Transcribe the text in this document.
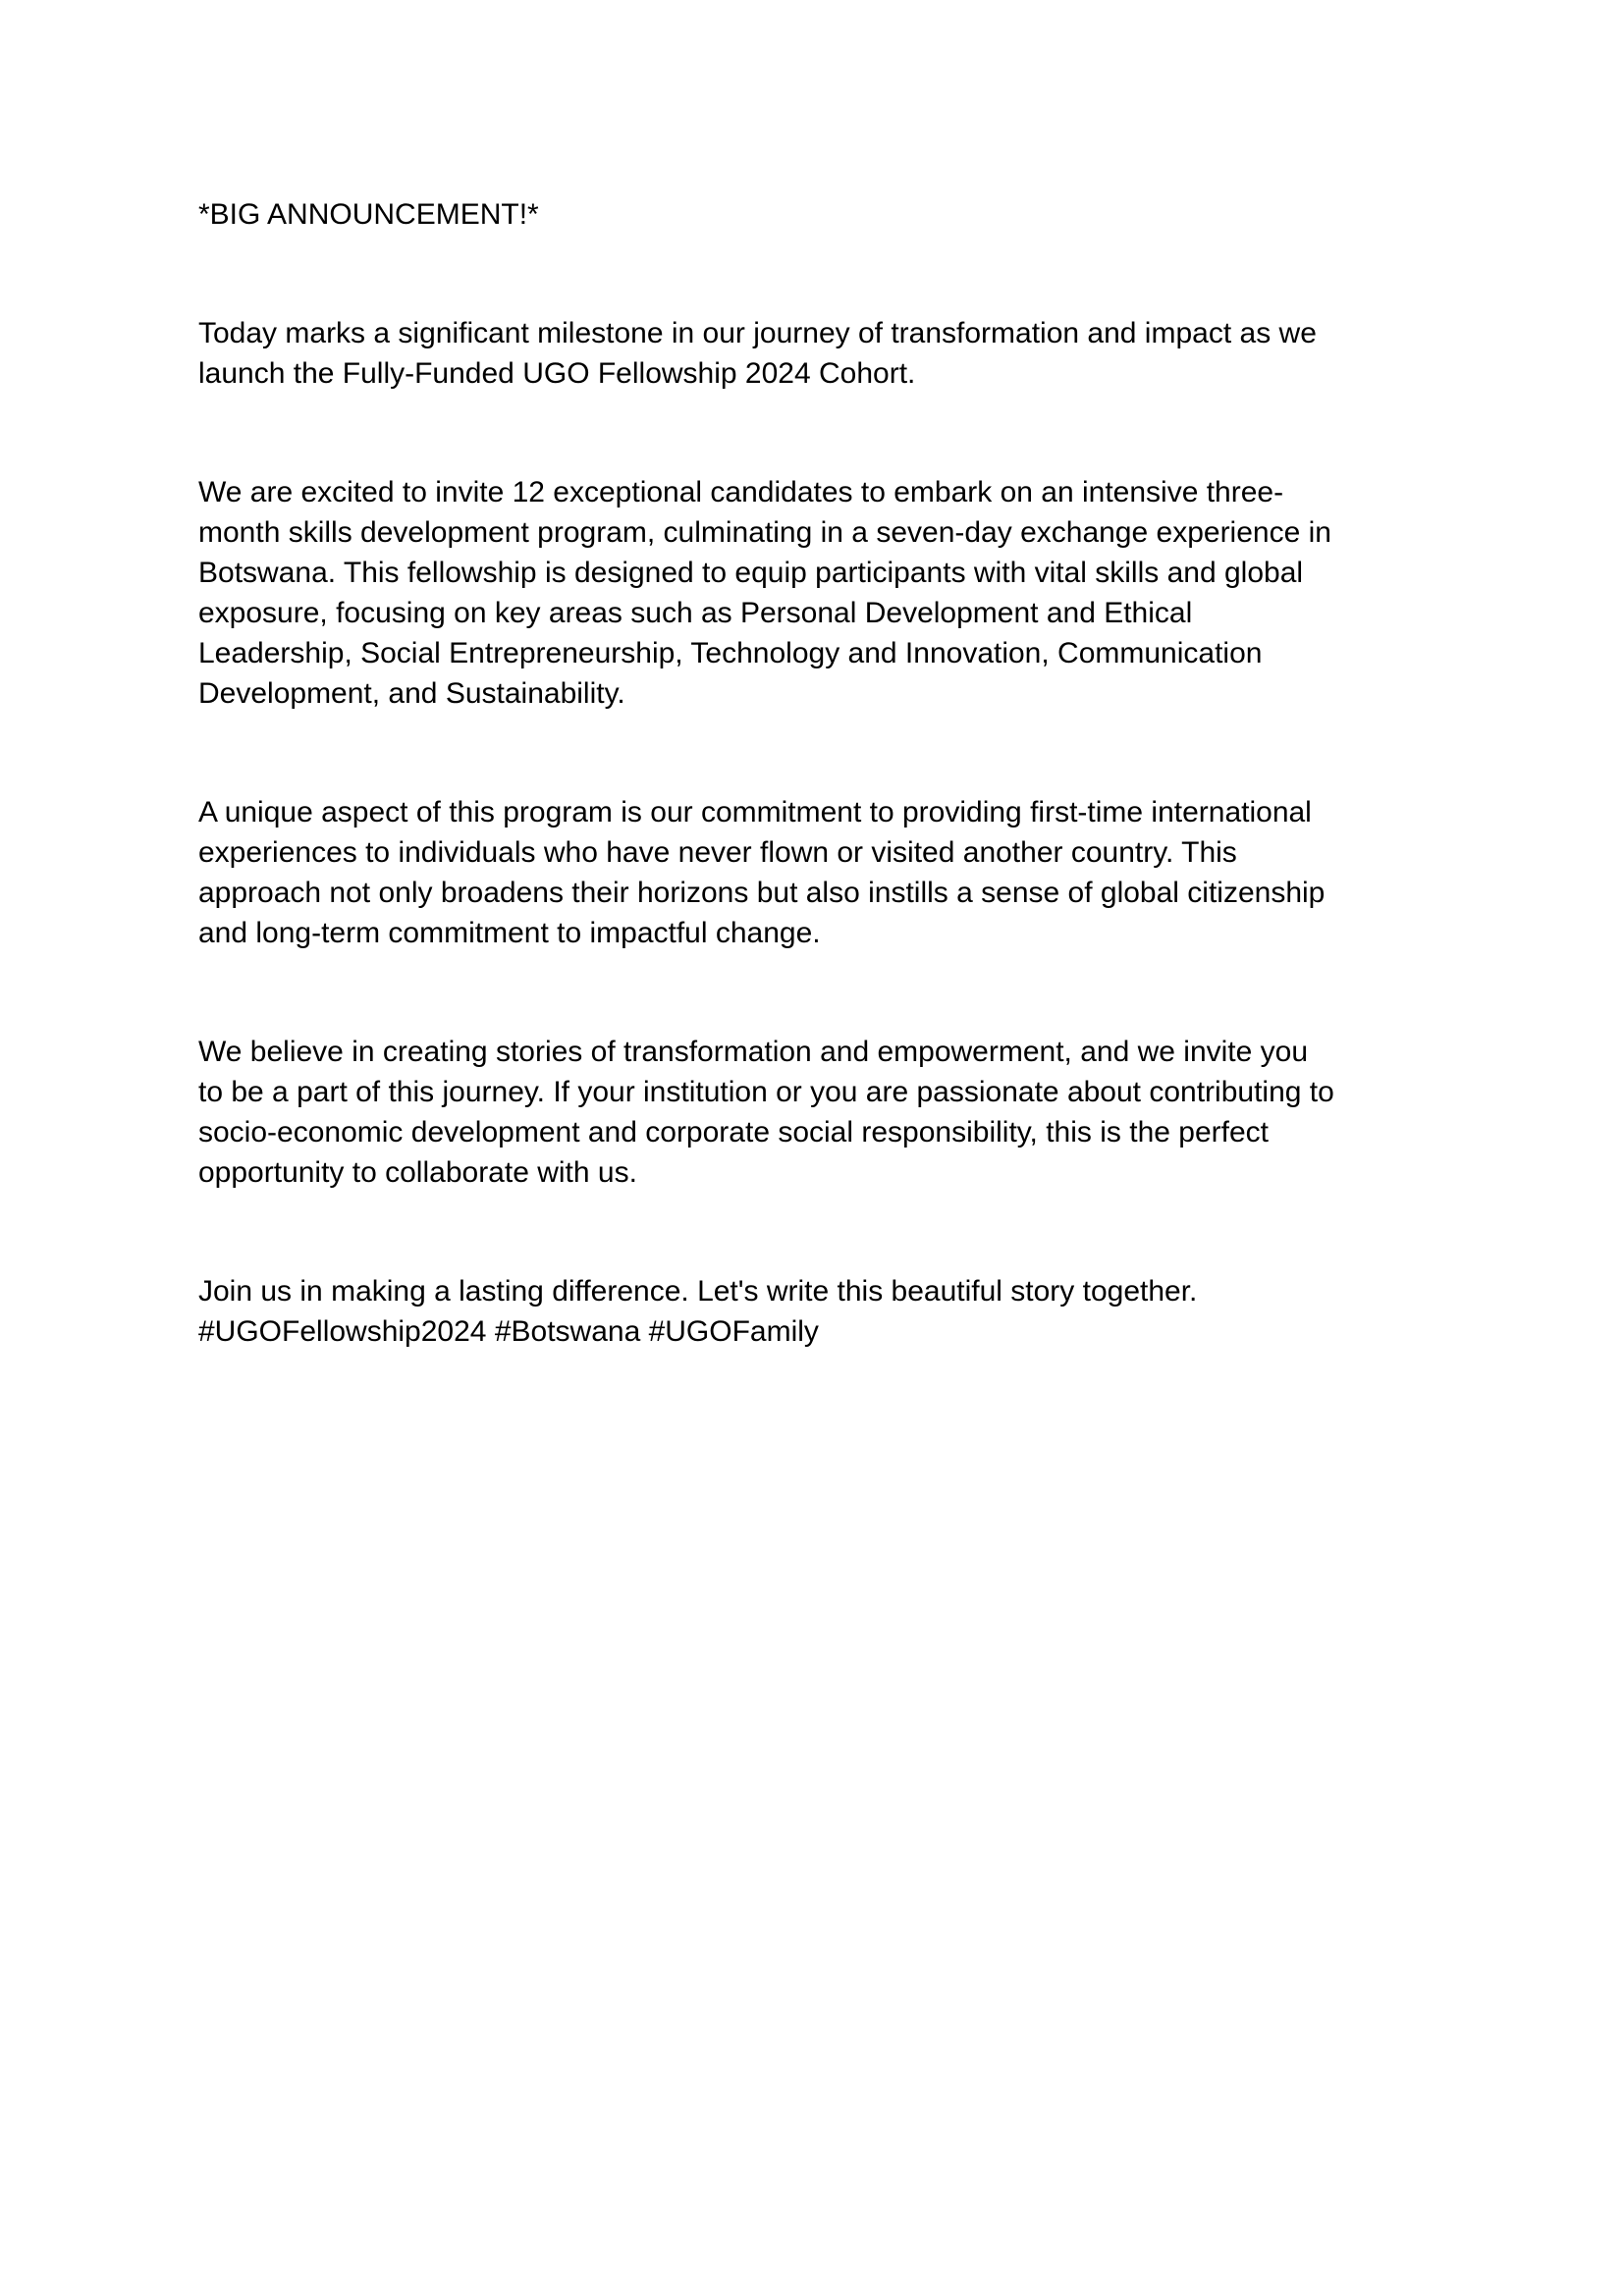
*BIG ANNOUNCEMENT!*
Today marks a significant milestone in our journey of transformation and impact as we
launch the Fully-Funded UGO Fellowship 2024 Cohort.
We are excited to invite 12 exceptional candidates to embark on an intensive three-
month skills development program, culminating in a seven-day exchange experience in
Botswana. This fellowship is designed to equip participants with vital skills and global
exposure, focusing on key areas such as Personal Development and Ethical
Leadership, Social Entrepreneurship, Technology and Innovation, Communication
Development, and Sustainability.
A unique aspect of this program is our commitment to providing first-time international
experiences to individuals who have never flown or visited another country. This
approach not only broadens their horizons but also instills a sense of global citizenship
and long-term commitment to impactful change.
We believe in creating stories of transformation and empowerment, and we invite you
to be a part of this journey. If your institution or you are passionate about contributing to
socio-economic development and corporate social responsibility, this is the perfect
opportunity to collaborate with us.
Join us in making a lasting difference. Let's write this beautiful story together.
#UGOFellowship2024 #Botswana #UGOFamily
